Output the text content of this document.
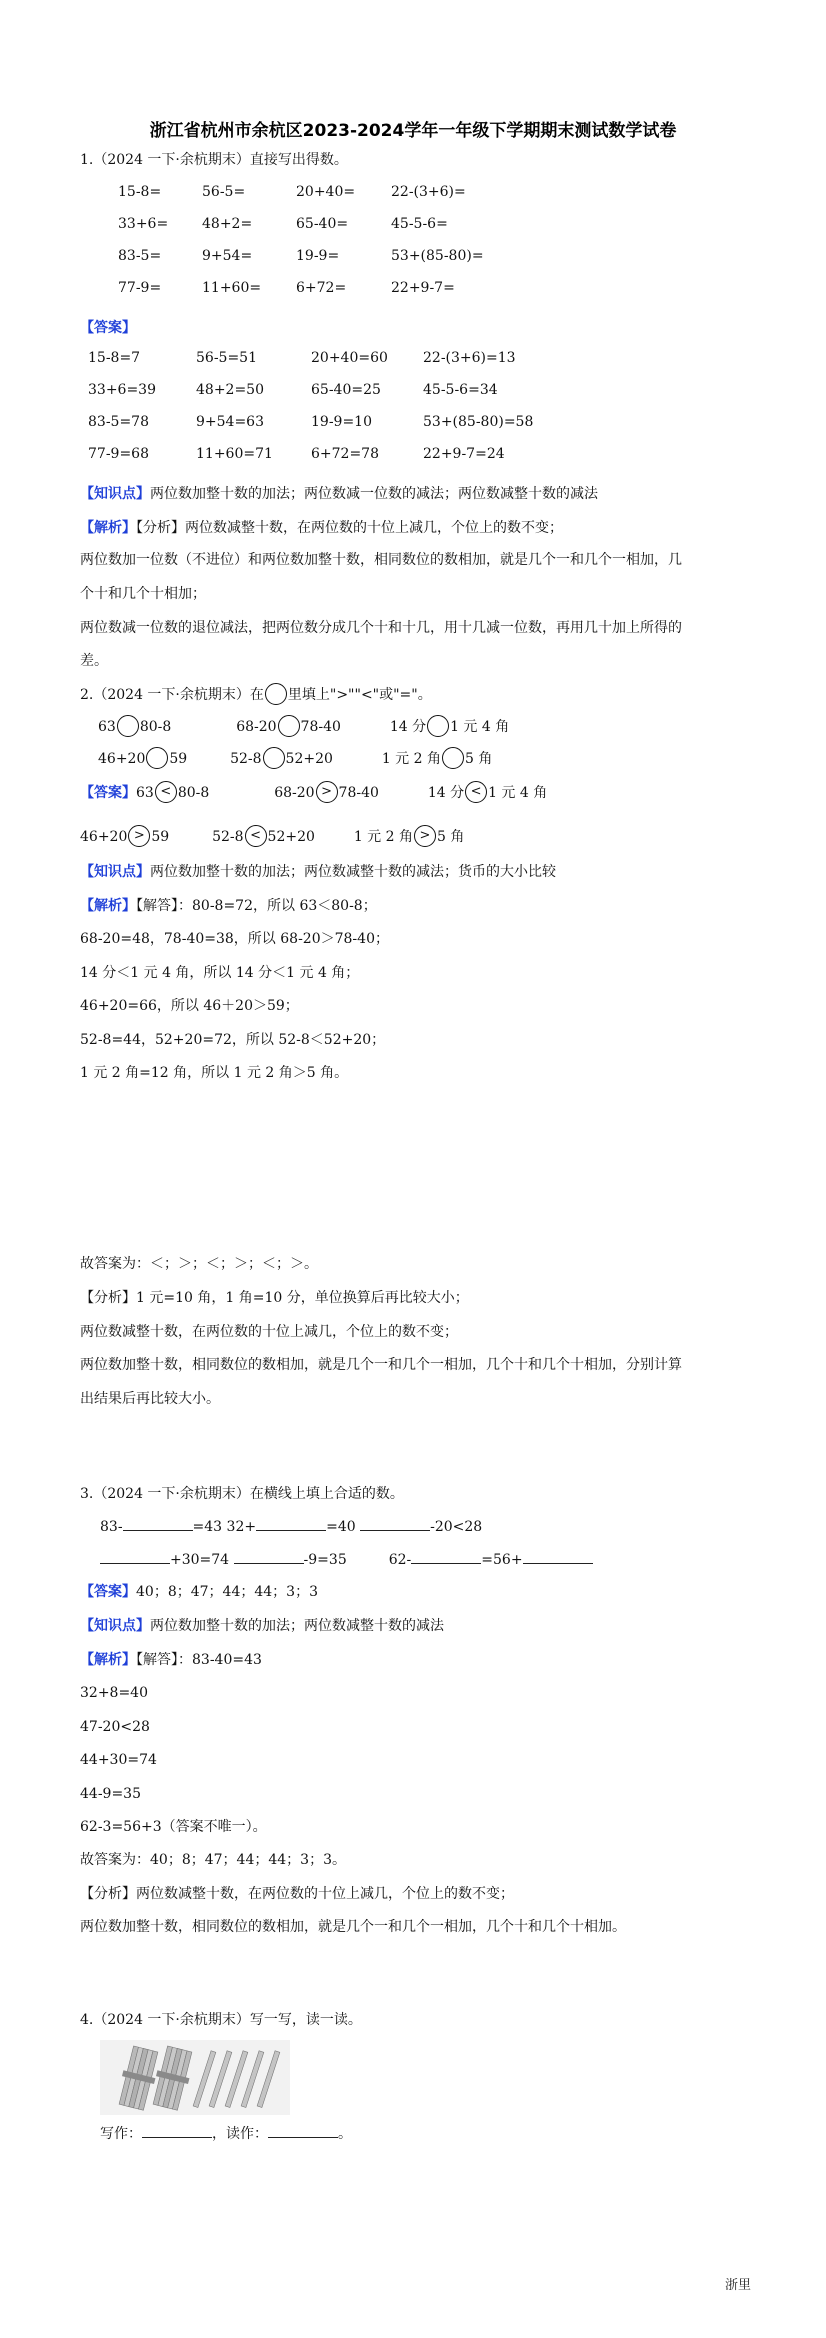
浙江省杭州市余杭区2023-2024学年一年级下学期期末测试数学试卷
1.（2024 一下·余杭期末）直接写出得数。
15-8=	56-5=	20+40=	22-(3+6)=
33+6= 48+2=	65-40=	45-5-6=
83-5=	9+54=	19-9=	53+(85-80)=
77-9=	11+60= 6+72=	22+9-7=
【答案】
15-8=7	56-5=51	20+40=60	22-(3+6)=13
33+6=39	48+2=50	65-40=25	45-5-6=34
83-5=78	9+54=63	19-9=10	53+(85-80)=58
77-9=68	11+60=71	6+72=78	22+9-7=24
【知识点】两位数加整十数的加法；两位数减一位数的减法；两位数减整十数的减法
【解析】【分析】两位数减整十数，在两位数的十位上减几，个位上的数不变；
两位数加一位数（不进位）和两位数加整十数，相同数位的数相加，就是几个一和几个一相加，几
个十和几个十相加；
两位数减一位数的退位减法，把两位数分成几个十和十几，用十几减一位数，再用几十加上所得的
差。
2.（2024 一下·余杭期末）在 里填上">""<"或"="。
63 80-8	68-20 78-40	14 分 1 元 4 角
46+20 59	52-8 52+20	1 元 2 角 5 角
【答案】63 < 80-8	68-20 > 78-40	14 分 < 1 元 4 角
46+20 > 59	52-8 < 52+20	1 元 2 角 > 5 角
【知识点】两位数加整十数的加法；两位数减整十数的减法；货币的大小比较
【解析】【解答】：80-8=72，所以 63＜80-8；
68-20=48，78-40=38，所以 68-20＞78-40；
14 分＜1 元 4 角，所以 14 分＜1 元 4 角；
46+20=66，所以 46＋20＞59；
52-8=44，52+20=72，所以 52-8＜52+20；
1 元 2 角=12 角，所以 1 元 2 角＞5 角。
故答案为：＜；＞；＜；＞；＜；＞。
【分析】1 元=10 角，1 角=10 分，单位换算后再比较大小；
两位数减整十数，在两位数的十位上减几，个位上的数不变；
两位数加整十数，相同数位的数相加，就是几个一和几个一相加，几个十和几个十相加，分别计算
出结果后再比较大小。
3.（2024 一下·余杭期末）在横线上填上合适的数。
83-	=43 32+	=40	-20<28
+30=74	-9=35	62-	=56+
【答案】40；8；47；44；44；3；3
【知识点】两位数加整十数的加法；两位数减整十数的减法
【解析】【解答】：83-40=43
32+8=40
47-20<28
44+30=74
44-9=35
62-3=56+3（答案不唯一）。
故答案为：40；8；47；44；44；3；3。
【分析】两位数减整十数，在两位数的十位上减几，个位上的数不变；
两位数加整十数，相同数位的数相加，就是几个一和几个一相加，几个十和几个十相加。
4.（2024 一下·余杭期末）写一写，读一读。
写作：	，读作：	。
浙里
